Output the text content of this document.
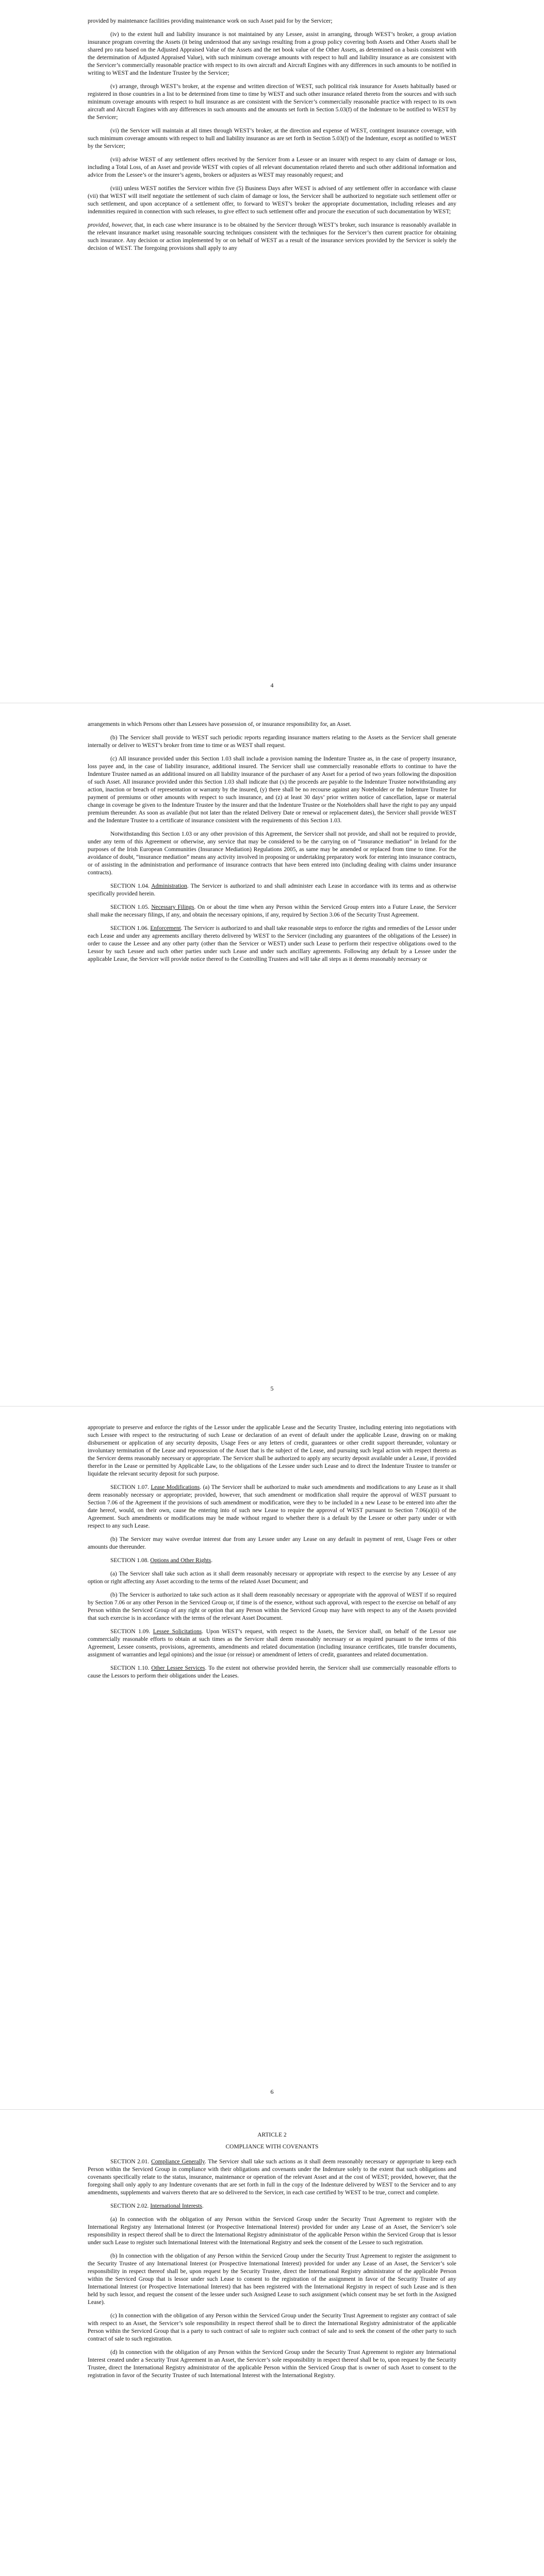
provided by maintenance facilities providing maintenance work on such Asset paid for by the Servicer;

(iv) to the extent hull and liability insurance is not maintained by any Lessee, assist in arranging, through WEST’s broker, a group aviation insurance program covering the Assets (it being understood that any savings resulting from a group policy covering both Assets and Other Assets shall be shared pro rata based on the Adjusted Appraised Value of the Assets and the net book value of the Other Assets, as determined on a basis consistent with the determination of Adjusted Appraised Value), with such minimum coverage amounts with respect to hull and liability insurance as are consistent with the Servicer’s commercially reasonable practice with respect to its own aircraft and Aircraft Engines with any differences in such amounts to be notified in writing to WEST and the Indenture Trustee by the Servicer;

(v) arrange, through WEST’s broker, at the expense and written direction of WEST, such political risk insurance for Assets habitually based or registered in those countries in a list to be determined from time to time by WEST and such other insurance related thereto from the sources and with such minimum coverage amounts with respect to hull insurance as are consistent with the Servicer’s commercially reasonable practice with respect to its own aircraft and Aircraft Engines with any differences in such amounts and the amounts set forth in Section 5.03(f) of the Indenture to be notified to WEST by the Servicer;

(vi) the Servicer will maintain at all times through WEST’s broker, at the direction and expense of WEST, contingent insurance coverage, with such minimum coverage amounts with respect to hull and liability insurance as are set forth in Section 5.03(f) of the Indenture, except as notified to WEST by the Servicer;

(vii) advise WEST of any settlement offers received by the Servicer from a Lessee or an insurer with respect to any claim of damage or loss, including a Total Loss, of an Asset and provide WEST with copies of all relevant documentation related thereto and such other additional information and advice from the Lessee’s or the insurer’s agents, brokers or adjusters as WEST may reasonably request; and

(viii) unless WEST notifies the Servicer within five (5) Business Days after WEST is advised of any settlement offer in accordance with clause (vii) that WEST will itself negotiate the settlement of such claim of damage or loss, the Servicer shall be authorized to negotiate such settlement offer or such settlement, and upon acceptance of a settlement offer, to forward to WEST’s broker the appropriate documentation, including releases and any indemnities required in connection with such releases, to give effect to such settlement offer and procure the execution of such documentation by WEST;

provided, however, that, in each case where insurance is to be obtained by the Servicer through WEST’s broker, such insurance is reasonably available in the relevant insurance market using reasonable sourcing techniques consistent with the techniques for the Servicer’s then current practice for obtaining such insurance. Any decision or action implemented by or on behalf of WEST as a result of the insurance services provided by the Servicer is solely the decision of WEST. The foregoing provisions shall apply to any

4

arrangements in which Persons other than Lessees have possession of, or insurance responsibility for, an Asset.

(b) The Servicer shall provide to WEST such periodic reports regarding insurance matters relating to the Assets as the Servicer shall generate internally or deliver to WEST’s broker from time to time or as WEST shall request.

(c) All insurance provided under this Section 1.03 shall include a provision naming the Indenture Trustee as, in the case of property insurance, loss payee and, in the case of liability insurance, additional insured. The Servicer shall use commercially reasonable efforts to continue to have the Indenture Trustee named as an additional insured on all liability insurance of the purchaser of any Asset for a period of two years following the disposition of such Asset. All insurance provided under this Section 1.03 shall indicate that (x) the proceeds are payable to the Indenture Trustee notwithstanding any action, inaction or breach of representation or warranty by the insured, (y) there shall be no recourse against any Noteholder or the Indenture Trustee for payment of premiums or other amounts with respect to such insurance, and (z) at least 30 days’ prior written notice of cancellation, lapse or material change in coverage be given to the Indenture Trustee by the insurer and that the Indenture Trustee or the Noteholders shall have the right to pay any unpaid premium thereunder. As soon as available (but not later than the related Delivery Date or renewal or replacement dates), the Servicer shall provide WEST and the Indenture Trustee to a certificate of insurance consistent with the requirements of this Section 1.03.

Notwithstanding this Section 1.03 or any other provision of this Agreement, the Servicer shall not provide, and shall not be required to provide, under any term of this Agreement or otherwise, any service that may be considered to be the carrying on of “insurance mediation” in Ireland for the purposes of the Irish European Communities (Insurance Mediation) Regulations 2005, as same may be amended or replaced from time to time. For the avoidance of doubt, “insurance mediation” means any activity involved in proposing or undertaking preparatory work for entering into insurance contracts, or of assisting in the administration and performance of insurance contracts that have been entered into (including dealing with claims under insurance contracts).

SECTION 1.04. Administration. The Servicer is authorized to and shall administer each Lease in accordance with its terms and as otherwise specifically provided herein.

SECTION 1.05. Necessary Filings. On or about the time when any Person within the Serviced Group enters into a Future Lease, the Servicer shall make the necessary filings, if any, and obtain the necessary opinions, if any, required by Section 3.06 of the Security Trust Agreement.

SECTION 1.06. Enforcement. The Servicer is authorized to and shall take reasonable steps to enforce the rights and remedies of the Lessor under each Lease and under any agreements ancillary thereto delivered by WEST to the Servicer (including any guarantees of the obligations of the Lessee) in order to cause the Lessee and any other party (other than the Servicer or WEST) under such Lease to perform their respective obligations owed to the Lessor by such Lessee and such other parties under such Lease and under such ancillary agreements. Following any default by a Lessee under the applicable Lease, the Servicer will provide notice thereof to the Controlling Trustees and will take all steps as it deems reasonably necessary or

5

appropriate to preserve and enforce the rights of the Lessor under the applicable Lease and the Security Trustee, including entering into negotiations with such Lessee with respect to the restructuring of such Lease or declaration of an event of default under the applicable Lease, drawing on or making disbursement or application of any security deposits, Usage Fees or any letters of credit, guarantees or other credit support thereunder, voluntary or involuntary termination of the Lease and repossession of the Asset that is the subject of the Lease, and pursuing such legal action with respect thereto as the Servicer deems reasonably necessary or appropriate. The Servicer shall be authorized to apply any security deposit available under a Lease, if provided therefor in the Lease or permitted by Applicable Law, to the obligations of the Lessee under such Lease and to direct the Indenture Trustee to transfer or liquidate the relevant security deposit for such purpose.

SECTION 1.07. Lease Modifications. (a) The Servicer shall be authorized to make such amendments and modifications to any Lease as it shall deem reasonably necessary or appropriate; provided, however, that such amendment or modification shall require the approval of WEST pursuant to Section 7.06 of the Agreement if the provisions of such amendment or modification, were they to be included in a new Lease to be entered into after the date hereof, would, on their own, cause the entering into of such new Lease to require the approval of WEST pursuant to Section 7.06(a)(ii) of the Agreement. Such amendments or modifications may be made without regard to whether there is a default by the Lessee or other party under or with respect to any such Lease.

(b) The Servicer may waive overdue interest due from any Lessee under any Lease on any default in payment of rent, Usage Fees or other amounts due thereunder.

SECTION 1.08. Options and Other Rights.

(a) The Servicer shall take such action as it shall deem reasonably necessary or appropriate with respect to the exercise by any Lessee of any option or right affecting any Asset according to the terms of the related Asset Document; and

(b) The Servicer is authorized to take such action as it shall deem reasonably necessary or appropriate with the approval of WEST if so required by Section 7.06 or any other Person in the Serviced Group or, if time is of the essence, without such approval, with respect to the exercise on behalf of any Person within the Serviced Group of any right or option that any Person within the Serviced Group may have with respect to any of the Assets provided that such exercise is in accordance with the terms of the relevant Asset Document.

SECTION 1.09. Lessee Solicitations. Upon WEST’s request, with respect to the Assets, the Servicer shall, on behalf of the Lessor use commercially reasonable efforts to obtain at such times as the Servicer shall deem reasonably necessary or as required pursuant to the terms of this Agreement, Lessee consents, provisions, agreements, amendments and related documentation (including insurance certificates, title transfer documents, assignment of warranties and legal opinions) and the issue (or reissue) or amendment of letters of credit, guarantees and related documentation.

SECTION 1.10. Other Lessee Services. To the extent not otherwise provided herein, the Servicer shall use commercially reasonable efforts to cause the Lessors to perform their obligations under the Leases.

6

ARTICLE 2

COMPLIANCE WITH COVENANTS

SECTION 2.01. Compliance Generally. The Servicer shall take such actions as it shall deem reasonably necessary or appropriate to keep each Person within the Serviced Group in compliance with their obligations and covenants under the Indenture solely to the extent that such obligations and covenants specifically relate to the status, insurance, maintenance or operation of the relevant Asset and at the cost of WEST; provided, however, that the foregoing shall only apply to any Indenture covenants that are set forth in full in the copy of the Indenture delivered by WEST to the Servicer and to any amendments, supplements and waivers thereto that are so delivered to the Servicer, in each case certified by WEST to be true, correct and complete.

SECTION 2.02. International Interests.

(a) In connection with the obligation of any Person within the Serviced Group under the Security Trust Agreement to register with the International Registry any International Interest (or Prospective International Interest) provided for under any Lease of an Asset, the Servicer’s sole responsibility in respect thereof shall be to direct the International Registry administrator of the applicable Person within the Serviced Group that is lessor under such Lease to register such International Interest with the International Registry and seek the consent of the Lessee to such registration.

(b) In connection with the obligation of any Person within the Serviced Group under the Security Trust Agreement to register the assignment to the Security Trustee of any International Interest (or Prospective International Interest) provided for under any Lease of an Asset, the Servicer’s sole responsibility in respect thereof shall be, upon request by the Security Trustee, direct the International Registry administrator of the applicable Person within the Serviced Group that is lessor under such Lease to consent to the registration of the assignment in favor of the Security Trustee of any International Interest (or Prospective International Interest) that has been registered with the International Registry in respect of such Lease and is then held by such lessor, and request the consent of the lessee under such Assigned Lease to such assignment (which consent may be set forth in the Assigned Lease).

(c) In connection with the obligation of any Person within the Serviced Group under the Security Trust Agreement to register any contract of sale with respect to an Asset, the Servicer’s sole responsibility in respect thereof shall be to direct the International Registry administrator of the applicable Person within the Serviced Group that is a party to such contract of sale to register such contract of sale and to seek the consent of the other party to such contract of sale to such registration.

(d) In connection with the obligation of any Person within the Serviced Group under the Security Trust Agreement to register any International Interest created under a Security Trust Agreement in an Asset, the Servicer’s sole responsibility in respect thereof shall be to, upon request by the Security Trustee, direct the International Registry administrator of the applicable Person within the Serviced Group that is owner of such Asset to consent to the registration in favor of the Security Trustee of such International Interest with the International Registry.
